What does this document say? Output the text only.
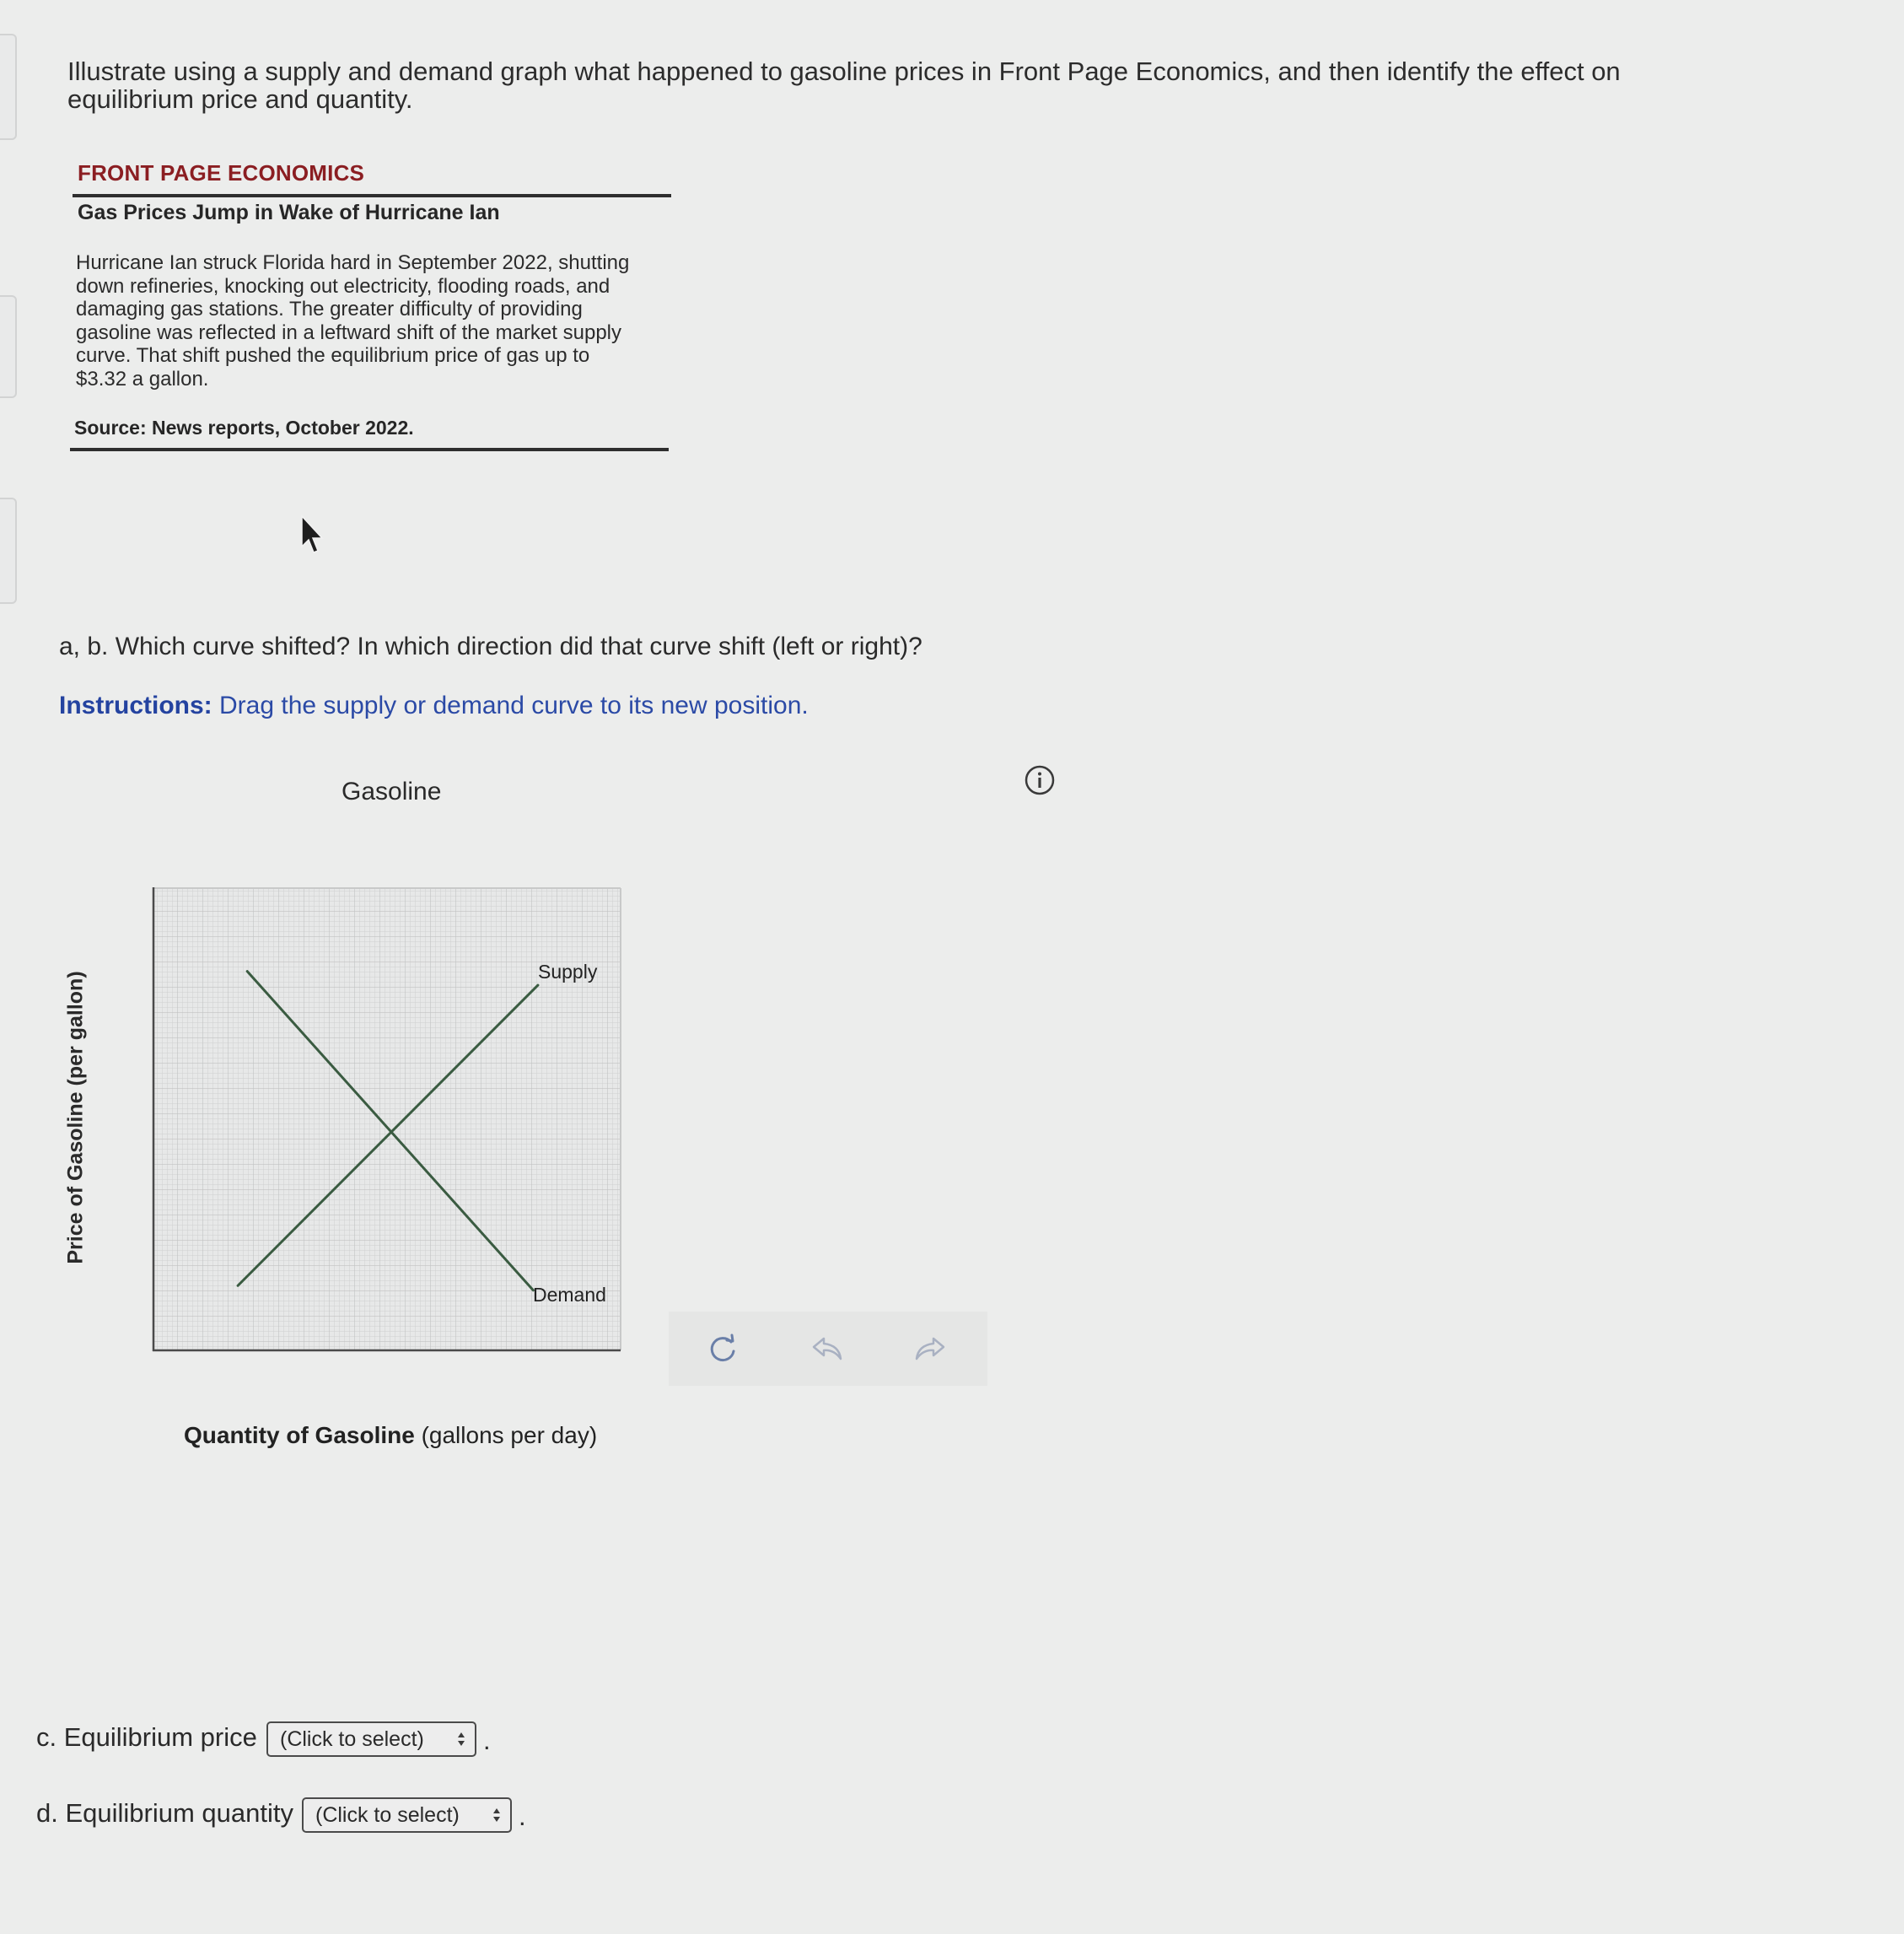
Illustrate using a supply and demand graph what happened to gasoline prices in Front Page Economics, and then identify the effect on equilibrium price and quantity.
FRONT PAGE ECONOMICS
Gas Prices Jump in Wake of Hurricane Ian
Hurricane Ian struck Florida hard in September 2022, shutting
down refineries, knocking out electricity, flooding roads, and
damaging gas stations. The greater difficulty of providing
gasoline was reflected in a leftward shift of the market supply
curve. That shift pushed the equilibrium price of gas up to
$3.32 a gallon.
Source: News reports, October 2022.
a, b. Which curve shifted? In which direction did that curve shift (left or right)?
Instructions: Drag the supply or demand curve to its new position.
Gasoline
Price of Gasoline (per gallon)	Supply
Demand
Quantity of Gasoline (gallons per day)
c. Equilibrium price	(Click to select)	.
d. Equilibrium quantity	(Click to select)	.
